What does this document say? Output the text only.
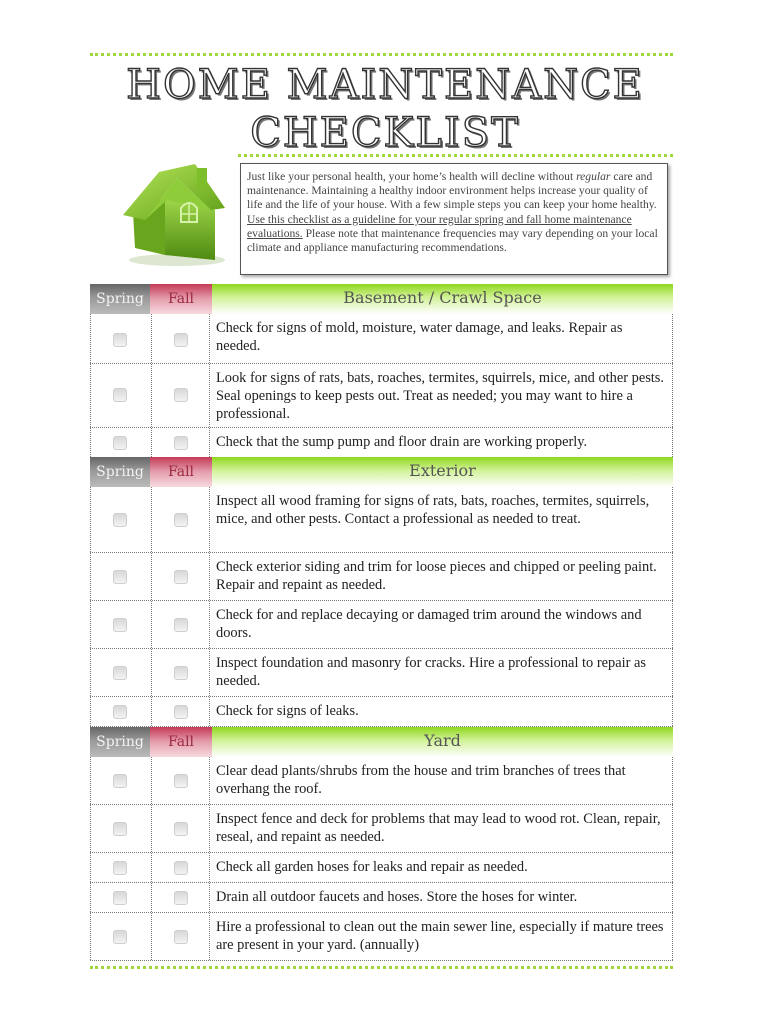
HOME MAINTENANCE
CHECKLIST
Just like your personal health, your home’s health will decline without regular care and maintenance. Maintaining a healthy indoor environment helps increase your quality of life and the life of your house. With a few simple steps you can keep your home healthy. Use this checklist as a guideline for your regular spring and fall home maintenance evaluations. Please note that maintenance frequencies may vary depending on your local climate and appliance manufacturing recommendations.
Spring	Fall	Basement / Crawl Space
Check for signs of mold, moisture, water damage, and leaks. Repair as needed.
Look for signs of rats, bats, roaches, termites, squirrels, mice, and other pests. Seal openings to keep pests out. Treat as needed; you may want to hire a professional.
Check that the sump pump and floor drain are working properly.
Spring	Fall	Exterior
Inspect all wood framing for signs of rats, bats, roaches, termites, squirrels, mice, and other pests. Contact a professional as needed to treat.
Check exterior siding and trim for loose pieces and chipped or peeling paint. Repair and repaint as needed.
Check for and replace decaying or damaged trim around the windows and doors.
Inspect foundation and masonry for cracks. Hire a professional to repair as needed.
Check for signs of leaks.
Spring	Fall	Yard
Clear dead plants/shrubs from the house and trim branches of trees that overhang the roof.
Inspect fence and deck for problems that may lead to wood rot. Clean, repair, reseal, and repaint as needed.
Check all garden hoses for leaks and repair as needed.
Drain all outdoor faucets and hoses. Store the hoses for winter.
Hire a professional to clean out the main sewer line, especially if mature trees are present in your yard. (annually)
